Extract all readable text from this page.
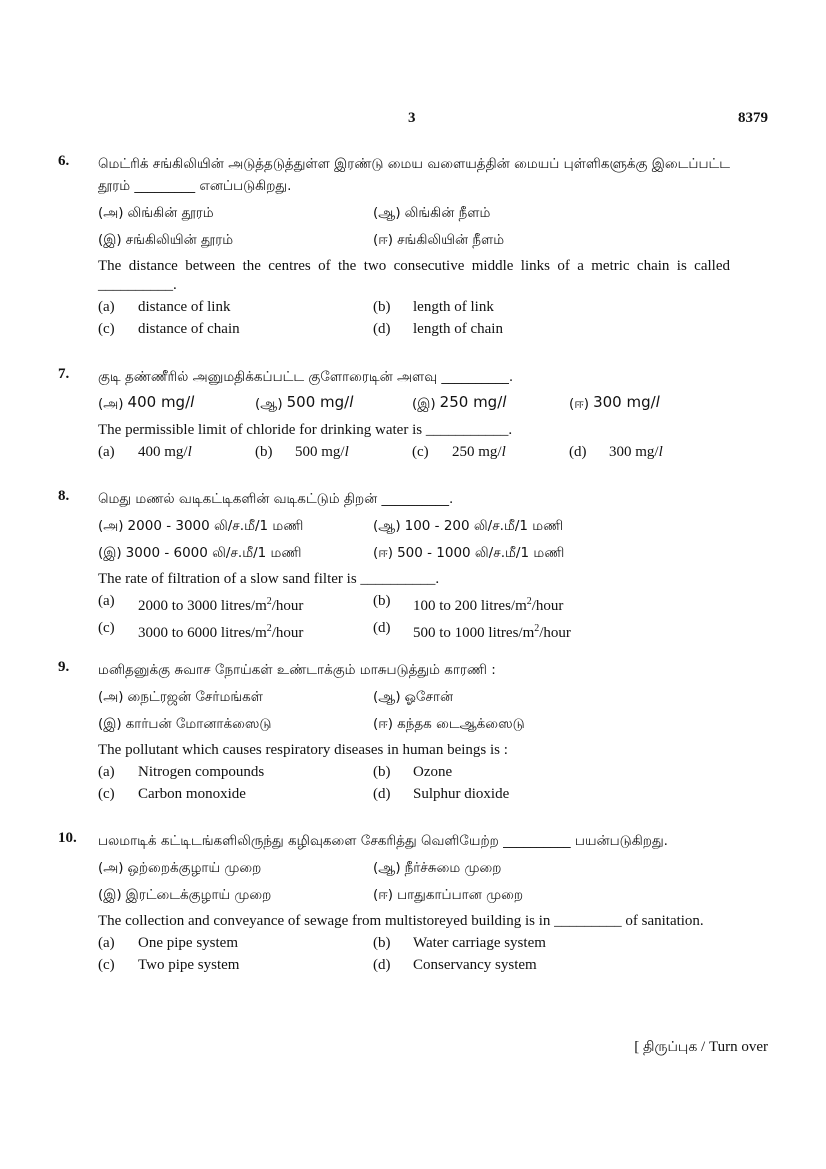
3	8379
6. மெட்ரிக் சங்கிலியின் அடுத்தடுத்துள்ள இரண்டு மைய வளையத்தின் மையப் புள்ளிகளுக்கு இடைப்பட்ட தூரம் _________ எனப்படுகிறது.
(அ) லிங்கின் தூரம்	(ஆ) லிங்கின் நீளம்
(இ) சங்கிலியின் தூரம்	(ஈ) சங்கிலியின் நீளம்
The distance between the centres of the two consecutive middle links of a metric chain is called __________.
(a)	distance of link	(b)	length of link
(c)	distance of chain	(d)	length of chain
7. குடி தண்ணீரில் அனுமதிக்கப்பட்ட குளோரைடின் அளவு __________.
(அ) 400 mg/l	(ஆ) 500 mg/l	(இ) 250 mg/l	(ஈ) 300 mg/l
The permissible limit of chloride for drinking water is ___________.
(a)	400 mg/ l	(b)	500 mg/ l	(c)	250 mg/ l	(d)	300 mg/ l
8. மெது மணல் வடிகட்டிகளின் வடிகட்டும் திறன் __________.
(அ) 2000 - 3000 லி/ச.மீ/1 மணி	(ஆ) 100 - 200 லி/ச.மீ/1 மணி
(இ) 3000 - 6000 லி/ச.மீ/1 மணி	(ஈ) 500 - 1000 லி/ச.மீ/1 மணி
The rate of filtration of a slow sand filter is __________.
(a)	2000 to 3000 litres/$m^2$/hour	(b)	100 to 200 litres/$m^2$/hour
(c)	3000 to 6000 litres/$m^2$/hour	(d)	500 to 1000 litres/$m^2$/hour
9. மனிதனுக்கு சுவாச நோய்கள் உண்டாக்கும் மாசுபடுத்தும் காரணி :
(அ) நைட்ரஜன் சேர்மங்கள்	(ஆ) ஓசோன்
(இ) கார்பன் மோனாக்ஸைடு	(ஈ) கந்தக டைஆக்ஸைடு
The pollutant which causes respiratory diseases in human beings is :
(a)	Nitrogen compounds	(b)	Ozone
(c)	Carbon monoxide	(d)	Sulphur dioxide
10. பலமாடிக் கட்டிடங்களிலிருந்து கழிவுகளை சேகரித்து வெளியேற்ற __________ பயன்படுகிறது.
(அ) ஒற்றைக்குழாய் முறை	(ஆ) நீர்ச்சுமை முறை
(இ) இரட்டைக்குழாய் முறை	(ஈ) பாதுகாப்பான முறை
The collection and conveyance of sewage from multistoreyed building is in _________ of sanitation.
(a)	One pipe system	(b)	Water carriage system
(c)	Two pipe system	(d)	Conservancy system
[ திருப்புக / Turn over
